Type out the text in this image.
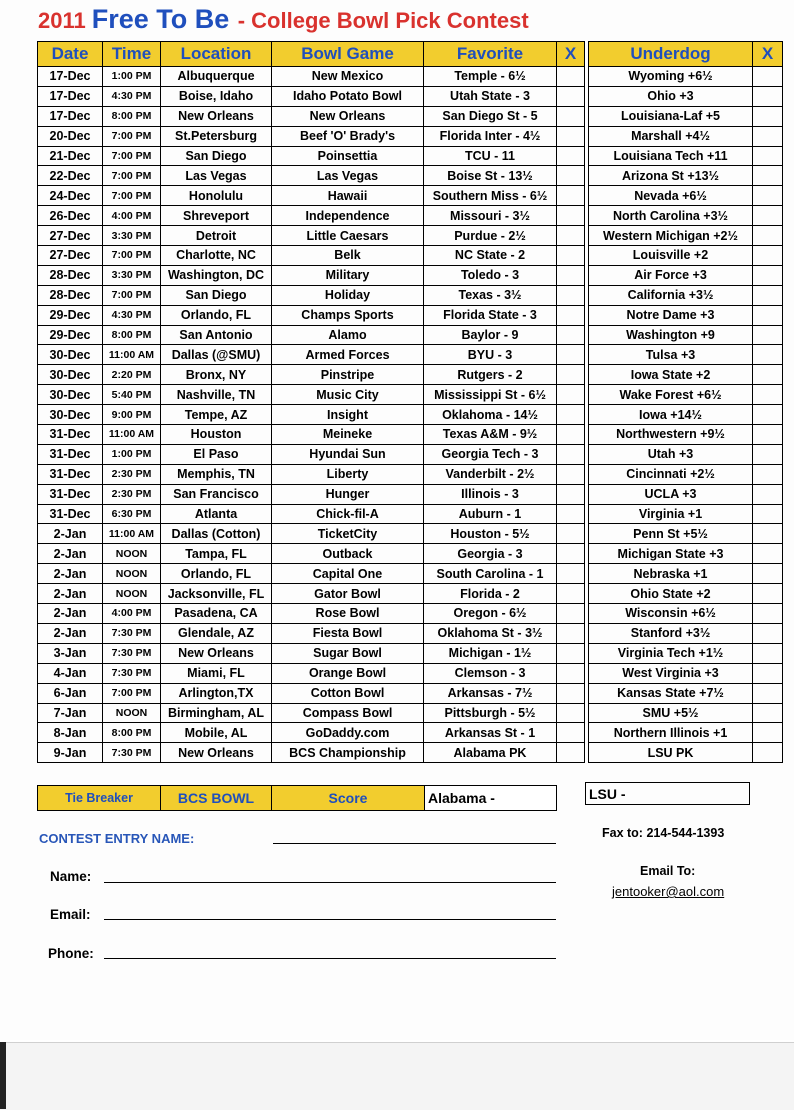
2011 Free To Be - College Bowl Pick Contest
Date	Time	Location	Bowl Game	Favorite	X		Underdog	X
17-Dec	1:00 PM	Albuquerque	New Mexico	Temple - 6½			Wyoming +6½	
17-Dec	4:30 PM	Boise, Idaho	Idaho Potato Bowl	Utah State - 3			Ohio +3	
17-Dec	8:00 PM	New Orleans	New Orleans	San Diego St - 5			Louisiana-Laf +5	
20-Dec	7:00 PM	St.Petersburg	Beef 'O' Brady's	Florida Inter - 4½			Marshall +4½	
21-Dec	7:00 PM	San Diego	Poinsettia	TCU - 11			Louisiana Tech +11	
22-Dec	7:00 PM	Las Vegas	Las Vegas	Boise St - 13½			Arizona St +13½	
24-Dec	7:00 PM	Honolulu	Hawaii	Southern Miss - 6½			Nevada +6½	
26-Dec	4:00 PM	Shreveport	Independence	Missouri - 3½			North Carolina +3½	
27-Dec	3:30 PM	Detroit	Little Caesars	Purdue - 2½			Western Michigan +2½	
27-Dec	7:00 PM	Charlotte, NC	Belk	NC State - 2			Louisville +2	
28-Dec	3:30 PM	Washington, DC	Military	Toledo - 3			Air Force +3	
28-Dec	7:00 PM	San Diego	Holiday	Texas - 3½			California +3½	
29-Dec	4:30 PM	Orlando, FL	Champs Sports	Florida State - 3			Notre Dame +3	
29-Dec	8:00 PM	San Antonio	Alamo	Baylor - 9			Washington +9	
30-Dec	11:00 AM	Dallas (@SMU)	Armed Forces	BYU - 3			Tulsa +3	
30-Dec	2:20 PM	Bronx, NY	Pinstripe	Rutgers - 2			Iowa State +2	
30-Dec	5:40 PM	Nashville, TN	Music City	Mississippi St - 6½			Wake Forest +6½	
30-Dec	9:00 PM	Tempe, AZ	Insight	Oklahoma - 14½			Iowa +14½	
31-Dec	11:00 AM	Houston	Meineke	Texas A&M - 9½			Northwestern +9½	
31-Dec	1:00 PM	El Paso	Hyundai Sun	Georgia Tech - 3			Utah +3	
31-Dec	2:30 PM	Memphis, TN	Liberty	Vanderbilt - 2½			Cincinnati +2½	
31-Dec	2:30 PM	San Francisco	Hunger	Illinois - 3			UCLA +3	
31-Dec	6:30 PM	Atlanta	Chick-fil-A	Auburn - 1			Virginia +1	
2-Jan	11:00 AM	Dallas (Cotton)	TicketCity	Houston - 5½			Penn St +5½	
2-Jan	NOON	Tampa, FL	Outback	Georgia - 3			Michigan State +3	
2-Jan	NOON	Orlando, FL	Capital One	South Carolina - 1			Nebraska +1	
2-Jan	NOON	Jacksonville, FL	Gator Bowl	Florida - 2			Ohio State +2	
2-Jan	4:00 PM	Pasadena, CA	Rose Bowl	Oregon - 6½			Wisconsin +6½	
2-Jan	7:30 PM	Glendale, AZ	Fiesta Bowl	Oklahoma St - 3½			Stanford +3½	
3-Jan	7:30 PM	New Orleans	Sugar Bowl	Michigan - 1½			Virginia Tech +1½	
4-Jan	7:30 PM	Miami, FL	Orange Bowl	Clemson - 3			West Virginia +3	
6-Jan	7:00 PM	Arlington,TX	Cotton Bowl	Arkansas - 7½			Kansas State +7½	
7-Jan	NOON	Birmingham, AL	Compass Bowl	Pittsburgh - 5½			SMU +5½	
8-Jan	8:00 PM	Mobile, AL	GoDaddy.com	Arkansas St - 1			Northern Illinois +1	
9-Jan	7:30 PM	New Orleans	BCS Championship	Alabama PK			LSU PK	
Tie Breaker	BCS BOWL	Score	Alabama -	LSU -
CONTEST ENTRY NAME:	Fax to: 214-544-1393
Email To:
jentooker@aol.com
Name:
Email:
Phone:
